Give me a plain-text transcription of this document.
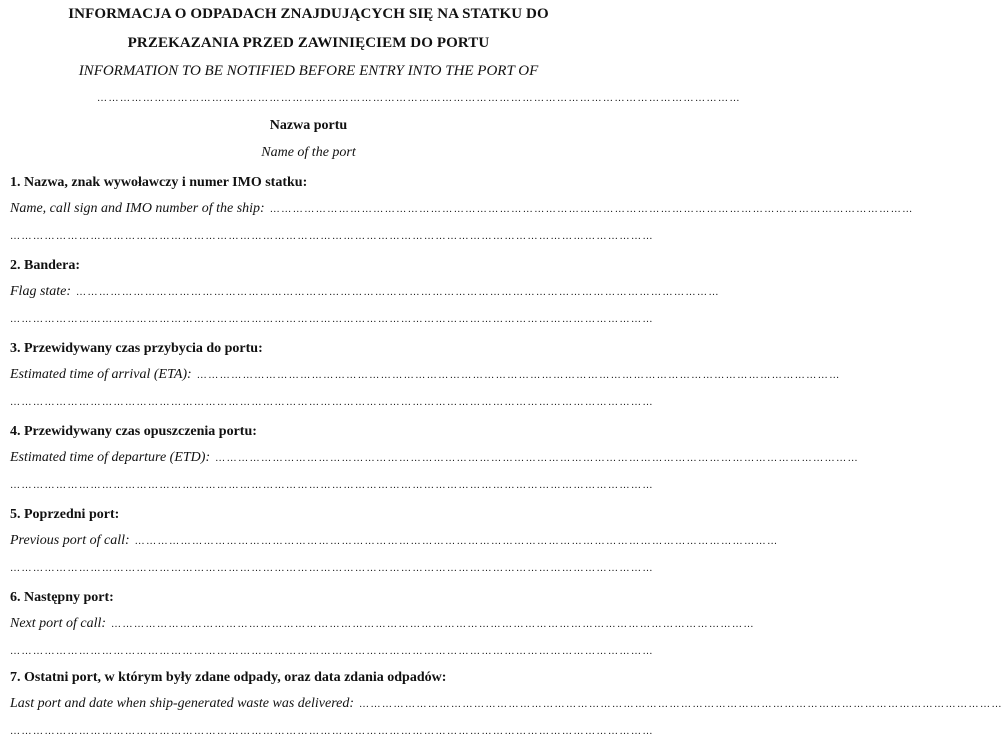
INFORMACJA O ODPADACH ZNAJDUJĄCYCH SIĘ NA STATKU DO
PRZEKAZANIA PRZED ZAWINIĘCIEM DO PORTU
INFORMATION TO BE NOTIFIED BEFORE ENTRY INTO THE PORT OF
……………………………………………………………………………………………………………………………………………………
Nazwa portu
Name of the port
1. Nazwa, znak wywoławczy i numer IMO statku:
Name, call sign and IMO number of the ship: ……………………………………………………………………………………………………………………………………………………
……………………………………………………………………………………………………………………………………………………
2. Bandera:
Flag state: ……………………………………………………………………………………………………………………………………………………
……………………………………………………………………………………………………………………………………………………
3. Przewidywany czas przybycia do portu:
Estimated time of arrival (ETA): ……………………………………………………………………………………………………………………………………………………
……………………………………………………………………………………………………………………………………………………
4. Przewidywany czas opuszczenia portu:
Estimated time of departure (ETD): ……………………………………………………………………………………………………………………………………………………
……………………………………………………………………………………………………………………………………………………
5. Poprzedni port:
Previous port of call: ……………………………………………………………………………………………………………………………………………………
……………………………………………………………………………………………………………………………………………………
6. Następny port:
Next port of call: ……………………………………………………………………………………………………………………………………………………
……………………………………………………………………………………………………………………………………………………
7. Ostatni port, w którym były zdane odpady, oraz data zdania odpadów:
Last port and date when ship-generated waste was delivered: ……………………………………………………………………………………………………………………………………………………
……………………………………………………………………………………………………………………………………………………
